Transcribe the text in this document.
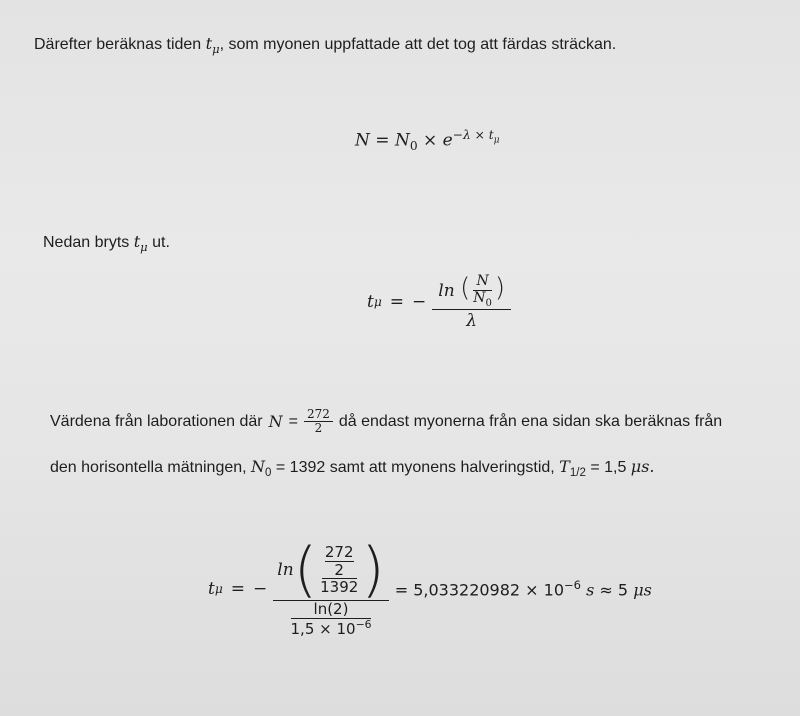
Därefter beräknas tiden $t_\mu$, som myonen uppfattade att det tog att färdas sträckan.
$N = N_0 \times e^{-\lambda \times t_\mu}$
Nedan bryts $t_\mu$ ut.
t μ = − $\frac{\ln ( \frac{N}{N_0} )}{\lambda}$
Värdena från laborationen där $N = \frac{272}{2}$ då endast myonerna från ena sidan ska beräknas från
den horisontella mätningen, $N_0 = 1392$ samt att myonens halveringstid, $T_{1/2} = 1,5$ μs.
t μ = −
ln ( 272
2
1392 )
ln(2)
$1,5 \times 10^{-6}$
= $5,033220982 \times 10^{-6}$ s ≈ 5 μs
